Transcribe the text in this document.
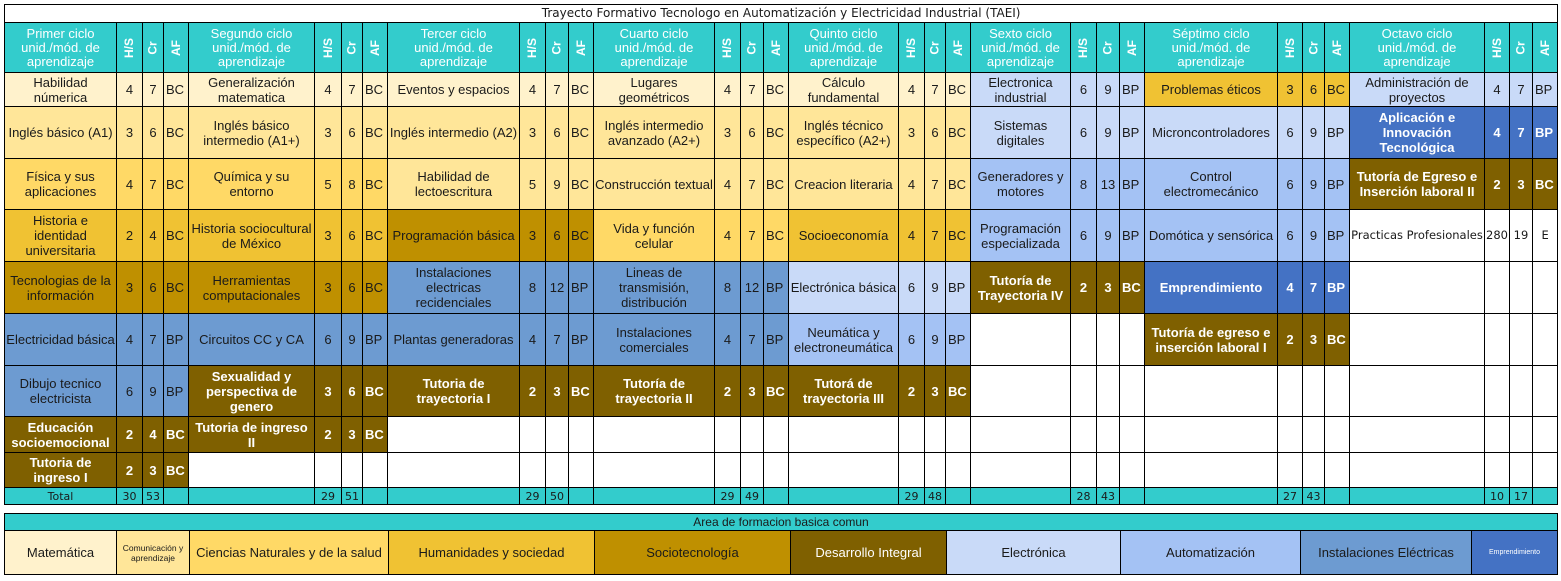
Trayecto Formativo Tecnologo en Automatización y Electricidad Industrial (TAEI)																															
Primer ciclo unid./mód. de aprendizaje	H/S	Cr	AF	Segundo ciclo unid./mód. de aprendizaje	H/S	Cr	AF	Tercer ciclo unid./mód. de aprendizaje	H/S	Cr	AF	Cuarto ciclo unid./mód. de aprendizaje	H/S	Cr	AF	Quinto ciclo unid./mód. de aprendizaje	H/S	Cr	AF	Sexto ciclo unid./mód. de aprendizaje	H/S	Cr	AF	Séptimo ciclo unid./mód. de aprendizaje	H/S	Cr	AF	Octavo ciclo unid./mód. de aprendizaje	H/S	Cr	AF
Habilidad númerica	4	7	BC	Generalización matematica	4	7	BC	Eventos y espacios	4	7	BC	Lugares geométricos	4	7	BC	Cálculo fundamental	4	7	BC	Electronica industrial	6	9	BP	Problemas éticos	3	6	BC	Administración de proyectos	4	7	BP
Inglés básico (A1)	3	6	BC	Inglés básico intermedio (A1+)	3	6	BC	Inglés intermedio (A2)	3	6	BC	Inglés intermedio avanzado (A2+)	3	6	BC	Inglés técnico específico (A2+)	3	6	BC	Sistemas digitales	6	9	BP	Microncontroladores	6	9	BP	Aplicación e Innovación Tecnológica	4	7	BP
Física y sus aplicaciones	4	7	BC	Química y su entorno	5	8	BC	Habilidad de lectoescritura	5	9	BC	Construcción textual	4	7	BC	Creacion literaria	4	7	BC	Generadores y motores	8	13	BP	Control electromecánico	6	9	BP	Tutoría de Egreso e Inserción laboral II	2	3	BC
Historia e identidad universitaria	2	4	BC	Historia sociocultural de México	3	6	BC	Programación básica	3	6	BC	Vida y función celular	4	7	BC	Socioeconomía	4	7	BC	Programación especializada	6	9	BP	Domótica y sensórica	6	9	BP	Practicas Profesionales	280	19	E
Tecnologias de la información	3	6	BC	Herramientas computacionales	3	6	BC	Instalaciones electricas recidenciales	8	12	BP	Lineas de transmisión, distribución	8	12	BP	Electrónica básica	6	9	BP	Tutoría de Trayectoria IV	2	3	BC	Emprendimiento	4	7	BP				
Electricidad básica	4	7	BP	Circuitos CC y CA	6	9	BP	Plantas generadoras	4	7	BP	Instalaciones comerciales	4	7	BP	Neumática y electroneumática	6	9	BP					Tutoría de egreso e inserción laboral I	2	3	BC				
Dibujo tecnico electricista	6	9	BP	Sexualidad y perspectiva de genero	3	6	BC	Tutoria de trayectoria I	2	3	BC	Tutoría de trayectoria II	2	3	BC	Tutorá de trayectoria III	2	3	BC												
Educación socioemocional	2	4	BC	Tutoria de ingreso II	2	3	BC																								
Tutoria de ingreso I	2	3	BC																												
Total	30	53			29	51			29	50			29	49			29	48			28	43			27	43			10	17	
Area de formacion basica comun
Matemática	Comunicación y aprendizaje	Ciencias Naturales y de la salud	Humanidades y sociedad	Sociotecnología	Desarrollo Integral	Electrónica	Automatización	Instalaciones Eléctricas	Emprendimiento
